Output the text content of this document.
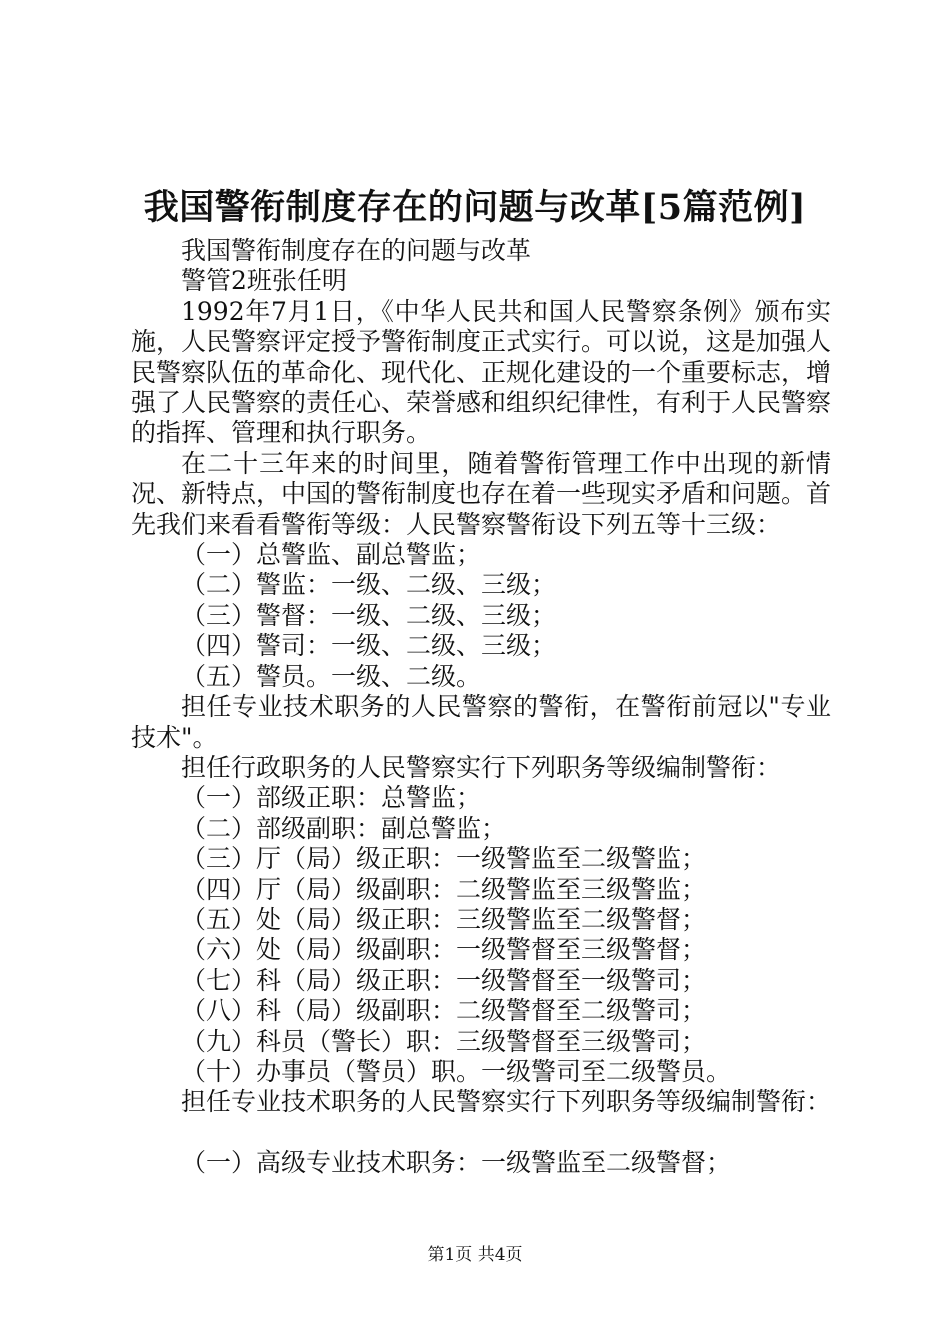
我国警衔制度存在的问题与改革[5篇范例]

我国警衔制度存在的问题与改革

警管2班张任明

1992年7月1日，《中华人民共和国人民警察条例》颁布实施，人民警察评定授予警衔制度正式实行。可以说，这是加强人民警察队伍的革命化、现代化、正规化建设的一个重要标志，增强了人民警察的责任心、荣誉感和组织纪律性，有利于人民警察的指挥、管理和执行职务。

在二十三年来的时间里，随着警衔管理工作中出现的新情况、新特点，中国的警衔制度也存在着一些现实矛盾和问题。首先我们来看看警衔等级：人民警察警衔设下列五等十三级：

（一）总警监、副总警监；

（二）警监：一级、二级、三级；

（三）警督：一级、二级、三级；

（四）警司：一级、二级、三级；

（五）警员。一级、二级。

担任专业技术职务的人民警察的警衔，在警衔前冠以"专业技术"。

担任行政职务的人民警察实行下列职务等级编制警衔：

（一）部级正职：总警监；

（二）部级副职：副总警监；

（三）厅（局）级正职：一级警监至二级警监；

（四）厅（局）级副职：二级警监至三级警监；

（五）处（局）级正职：三级警监至二级警督；

（六）处（局）级副职：一级警督至三级警督；

（七）科（局）级正职：一级警督至一级警司；

（八）科（局）级副职：二级警督至二级警司；

（九）科员（警长）职：三级警督至三级警司；

（十）办事员（警员）职。一级警司至二级警员。

担任专业技术职务的人民警察实行下列职务等级编制警衔：

（一）高级专业技术职务：一级警监至二级警督；

第1页 共4页
